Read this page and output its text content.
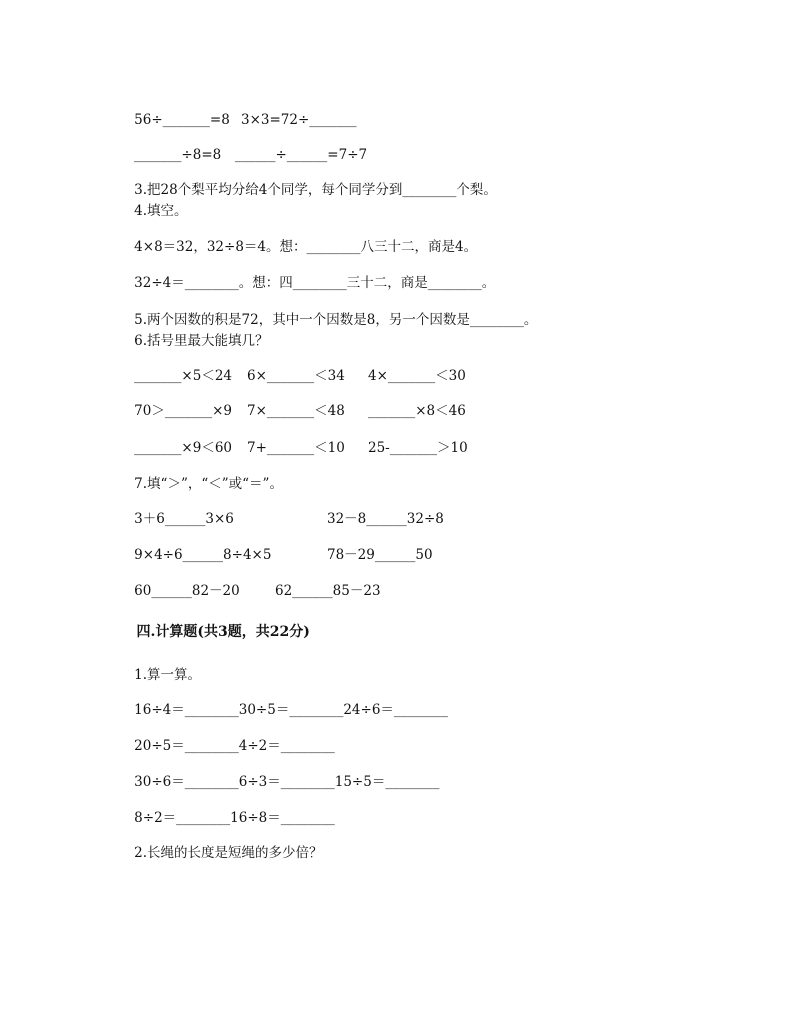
56÷_______=8 3×3=72÷_______

_______÷8=8 ______÷______=7÷7

3.把28个梨平均分给4个同学，每个同学分到________个梨。

4.填空。

4×8＝32，32÷8＝4。想：________八三十二，商是4。

32÷4＝________。想：四________三十二，商是________。

5.两个因数的积是72，其中一个因数是8，另一个因数是________。

6.括号里最大能填几？

_______×5＜24 6×_______＜34 4×_______＜30

70＞_______×9 7×_______＜48 _______×8＜46

_______×9＜60 7+_______＜10 25-_______＞10

7.填“＞”，“＜”或“＝”。

3＋6______3×6	32－8______32÷8

9×4÷6______8÷4×5	78－29______50

60______82－20	62______85－23

四.计算题(共3题，共22分)

1.算一算。

16÷4＝________30÷5＝________24÷6＝________

20÷5＝________4÷2＝________

30÷6＝________6÷3＝________15÷5＝________

8÷2＝________16÷8＝________

2.长绳的长度是短绳的多少倍？
